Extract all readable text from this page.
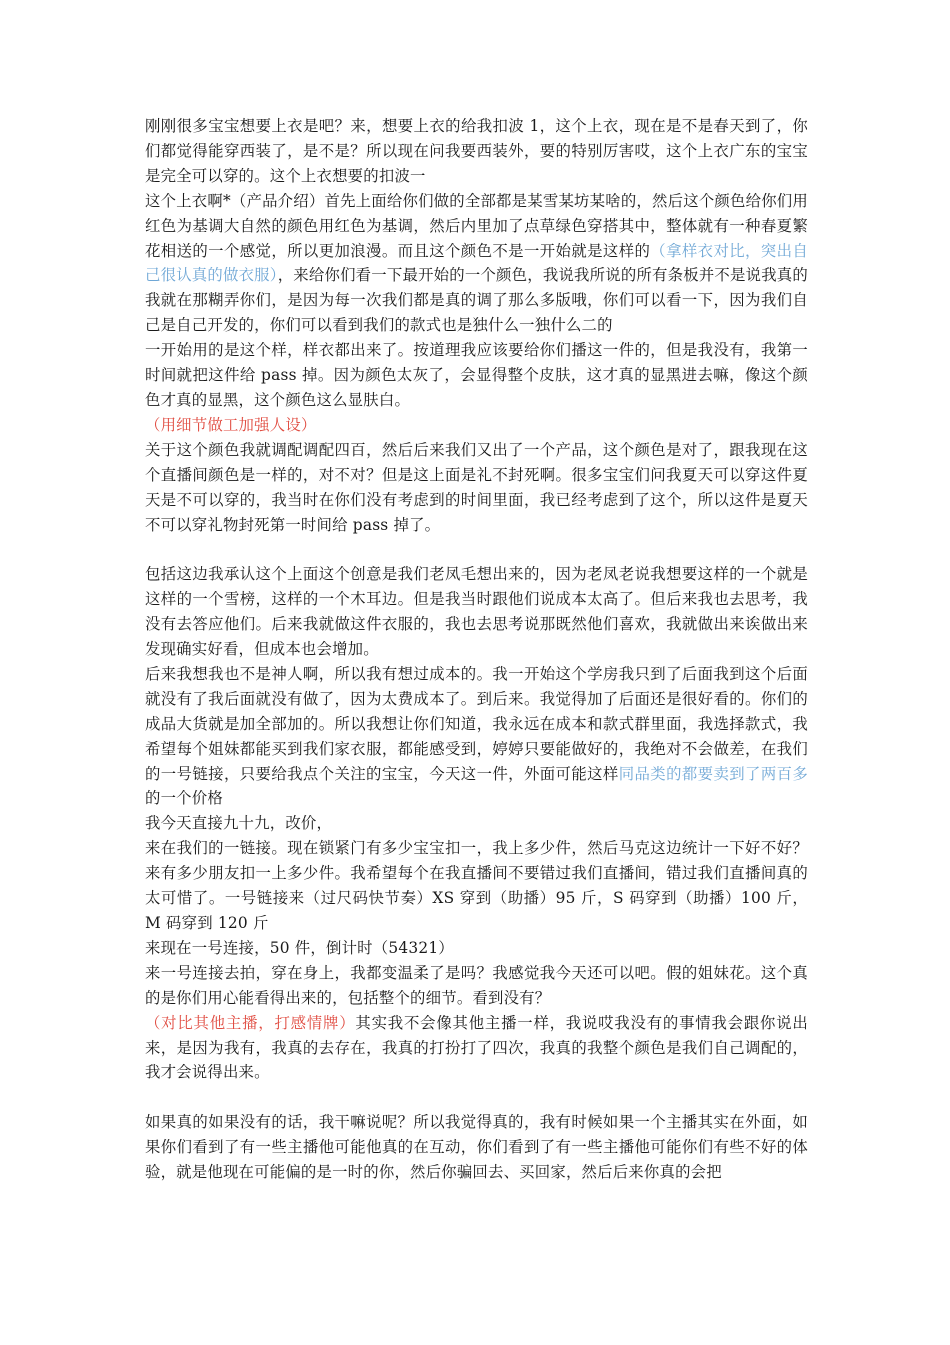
刚刚很多宝宝想要上衣是吧？来，想要上衣的给我扣波 1，这个上衣，现在是不是春天到了，你们都觉得能穿西装了，是不是？所以现在问我要西装外，要的特别厉害哎，这个上衣广东的宝宝是完全可以穿的。这个上衣想要的扣波一

这个上衣啊*（产品介绍）首先上面给你们做的全部都是某雪某坊某啥的，然后这个颜色给你们用红色为基调大自然的颜色用红色为基调，然后内里加了点草绿色穿搭其中，整体就有一种春夏繁花相送的一个感觉，所以更加浪漫。而且这个颜色不是一开始就是这样的（拿样衣对比，突出自己很认真的做衣服），来给你们看一下最开始的一个颜色，我说我所说的所有条板并不是说我真的我就在那糊弄你们，是因为每一次我们都是真的调了那么多版哦，你们可以看一下，因为我们自己是自己开发的，你们可以看到我们的款式也是独什么一独什么二的

一开始用的是这个样，样衣都出来了。按道理我应该要给你们播这一件的，但是我没有，我第一时间就把这件给 pass 掉。因为颜色太灰了，会显得整个皮肤，这才真的显黑进去嘛，像这个颜色才真的显黑，这个颜色这么显肤白。

（用细节做工加强人设）

关于这个颜色我就调配调配四百，然后后来我们又出了一个产品，这个颜色是对了，跟我现在这个直播间颜色是一样的，对不对？但是这上面是礼不封死啊。很多宝宝们问我夏天可以穿这件夏天是不可以穿的，我当时在你们没有考虑到的时间里面，我已经考虑到了这个，所以这件是夏天不可以穿礼物封死第一时间给 pass 掉了。

包括这边我承认这个上面这个创意是我们老凤毛想出来的，因为老凤老说我想要这样的一个就是这样的一个雪榜，这样的一个木耳边。但是我当时跟他们说成本太高了。但后来我也去思考，我没有去答应他们。后来我就做这件衣服的，我也去思考说那既然他们喜欢，我就做出来诶做出来发现确实好看，但成本也会增加。

后来我想我也不是神人啊，所以我有想过成本的。我一开始这个学房我只到了后面我到这个后面就没有了我后面就没有做了，因为太费成本了。到后来。我觉得加了后面还是很好看的。你们的成品大货就是加全部加的。所以我想让你们知道，我永远在成本和款式群里面，我选择款式，我希望每个姐妹都能买到我们家衣服，都能感受到，婷婷只要能做好的，我绝对不会做差，在我们的一号链接，只要给我点个关注的宝宝，今天这一件，外面可能这样同品类的都要卖到了两百多的一个价格

我今天直接九十九，改价，

来在我们的一链接。现在锁紧门有多少宝宝扣一，我上多少件，然后马克这边统计一下好不好？来有多少朋友扣一上多少件。我希望每个在我直播间不要错过我们直播间，错过我们直播间真的太可惜了。一号链接来（过尺码快节奏）XS 穿到（助播）95 斤，S 码穿到（助播）100 斤，M 码穿到 120 斤

来现在一号连接，50 件，倒计时（54321）

来一号连接去拍，穿在身上，我都变温柔了是吗？我感觉我今天还可以吧。假的姐妹花。这个真的是你们用心能看得出来的，包括整个的细节。看到没有？

（对比其他主播，打感情牌）其实我不会像其他主播一样，我说哎我没有的事情我会跟你说出来，是因为我有，我真的去存在，我真的打扮打了四次，我真的我整个颜色是我们自己调配的，我才会说得出来。

如果真的如果没有的话，我干嘛说呢？所以我觉得真的，我有时候如果一个主播其实在外面，如果你们看到了有一些主播他可能他真的在互动，你们看到了有一些主播他可能你们有些不好的体验，就是他现在可能偏的是一时的你，然后你骗回去、买回家，然后后来你真的会把
